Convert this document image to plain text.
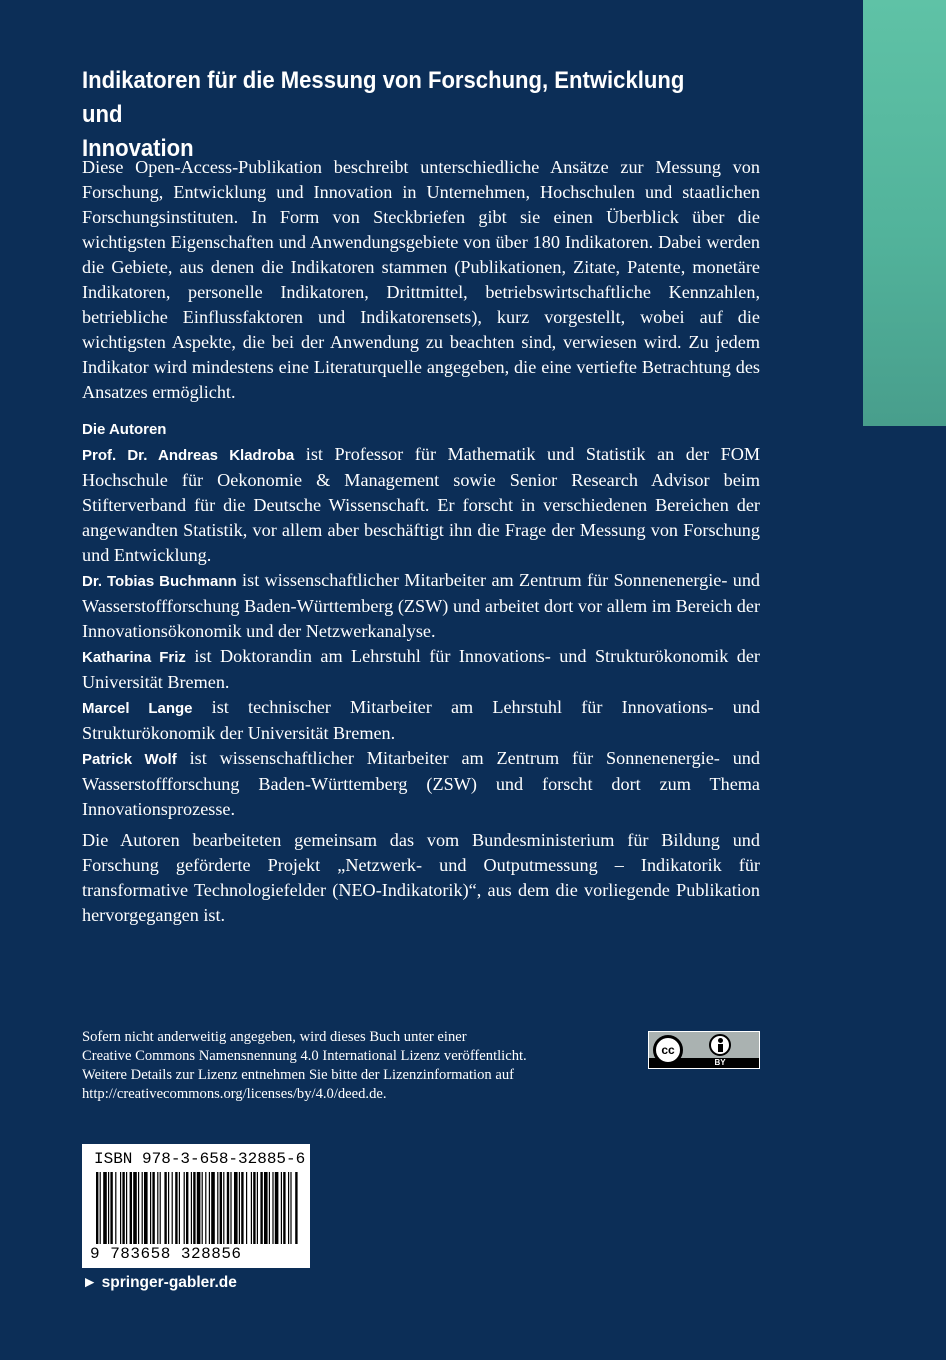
Indikatoren für die Messung von Forschung, Entwicklung und
Innovation

Diese Open-Access-Publikation beschreibt unterschiedliche Ansätze zur Messung von Forschung, Entwicklung und Innovation in Unternehmen, Hochschulen und staatlichen Forschungsinstituten. In Form von Steckbriefen gibt sie einen Überblick über die wichtigsten Eigenschaften und Anwendungsgebiete von über 180 Indikatoren. Dabei werden die Gebiete, aus denen die Indikatoren stammen (Publikationen, Zitate, Patente, monetäre Indikatoren, personelle Indikatoren, Drittmittel, betriebswirtschaftliche Kennzahlen, betriebliche Einflussfaktoren und Indikatorensets), kurz vorgestellt, wobei auf die wichtigsten Aspekte, die bei der Anwendung zu beachten sind, verwiesen wird. Zu jedem Indikator wird mindestens eine Literaturquelle angegeben, die eine vertiefte Betrachtung des Ansatzes ermöglicht.

Die Autoren

Prof. Dr. Andreas Kladroba ist Professor für Mathematik und Statistik an der FOM Hochschule für Oekonomie & Management sowie Senior Research Advisor beim Stifterverband für die Deutsche Wissenschaft. Er forscht in verschiedenen Bereichen der angewandten Statistik, vor allem aber beschäftigt ihn die Frage der Messung von Forschung und Entwicklung.

Dr. Tobias Buchmann ist wissenschaftlicher Mitarbeiter am Zentrum für Sonnenenergie- und Wasserstoffforschung Baden-Württemberg (ZSW) und arbeitet dort vor allem im Bereich der Innovationsökonomik und der Netzwerkanalyse.

Katharina Friz ist Doktorandin am Lehrstuhl für Innovations- und Strukturökonomik der Universität Bremen.

Marcel Lange ist technischer Mitarbeiter am Lehrstuhl für Innovations- und Strukturökonomik der Universität Bremen.

Patrick Wolf ist wissenschaftlicher Mitarbeiter am Zentrum für Sonnenenergie- und Wasserstoffforschung Baden-Württemberg (ZSW) und forscht dort zum Thema Innovationsprozesse.

Die Autoren bearbeiteten gemeinsam das vom Bundesministerium für Bildung und Forschung geförderte Projekt „Netzwerk- und Outputmessung – Indikatorik für transformative Technologiefelder (NEO-Indikatorik)“, aus dem die vorliegende Publikation hervorgegangen ist.

Sofern nicht anderweitig angegeben, wird dieses Buch unter einer
Creative Commons Namensnennung 4.0 International Lizenz veröffentlicht.
Weitere Details zur Lizenz entnehmen Sie bitte der Lizenzinformation auf
http://creativecommons.org/licenses/by/4.0/deed.de.

cc
BY
ISBN 978-3-658-32885-6
9 783658 328856
► springer-gabler.de
